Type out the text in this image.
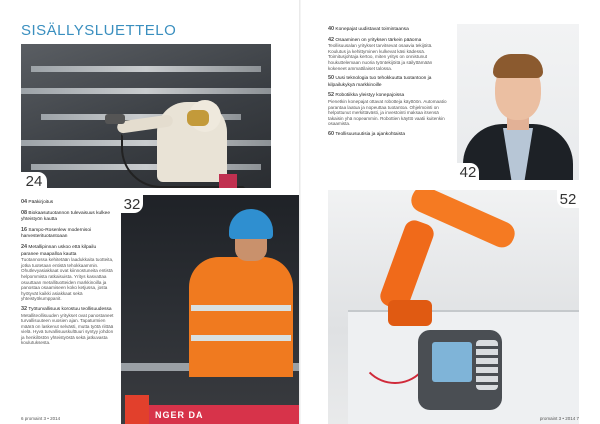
SISÄLLYSLUETTELO
24
NGER DA
32
42
52
04 Pääkirjoitus
08 Biokaasutuotannon tulevaisuus kulkee yhteistyön kautta
16 Sampo-Rosenlew modernisoi harvesterituotantoaan
24 Metallipinnan uskoo että kilpailu paranee maapalloa kautta
Tuotannossa kehitetään laadukkaita tuotteita, jotka tuotetaan entistä tehokkaammin. Ohutlevyasiakkaat ovat kiinnostuneita entistä helpommista ratkaisuista. Yritys kasvattaa osuuttaan metallituotteiden markkinoilla ja panostaa osaamiseen koko ketjussa, josta hyötyvät kaikki asiakkaat sekä yhteistyökumppanit.
32 Työturvallisuus korostuu teollisuudessa
Metalliteollisuuden yritykset ovat panostaneet turvallisuuteen vuosien ajan. Tapaturmien määrä on laskenut selvästi, mutta työtä riittää vielä. Hyvä turvallisuuskulttuuri syntyy johdon ja henkilöstön yhteistyöstä sekä jatkuvasta koulutuksesta.
40 Konepajat uudistavat toimintaansa
42 Osaaminen on yrityksen tärkein pääoma
Teollisuusalan yritykset tarvitsevat osaavia tekijöitä. Koulutus ja kehittyminen kulkevat käsi kädessä. Toimitusjohtaja kertoo, miten yritys on onnistunut houkuttelemaan nuoria työntekijöitä ja säilyttämään kokeneet ammattilaiset talossa.
50 Uusi teknologia tuo tehokkuutta tuotantoon ja kilpailukykyä markkinoille
52 Robotiikka yleistyy konepajoissa
Pienetkin konepajat ottavat robotteja käyttöön. Automaatio parantaa laatua ja nopeuttaa tuotantoa. Ohjelmointi on helpottunut merkittävästi, ja investointi maksaa itsensä takaisin yhä nopeammin. Robottien käyttö vaatii kuitenkin osaamista.
60 Teollisuusuutisia ja ajankohtaista
6 promaint 3 • 2014	promaint 3 • 2014 7
